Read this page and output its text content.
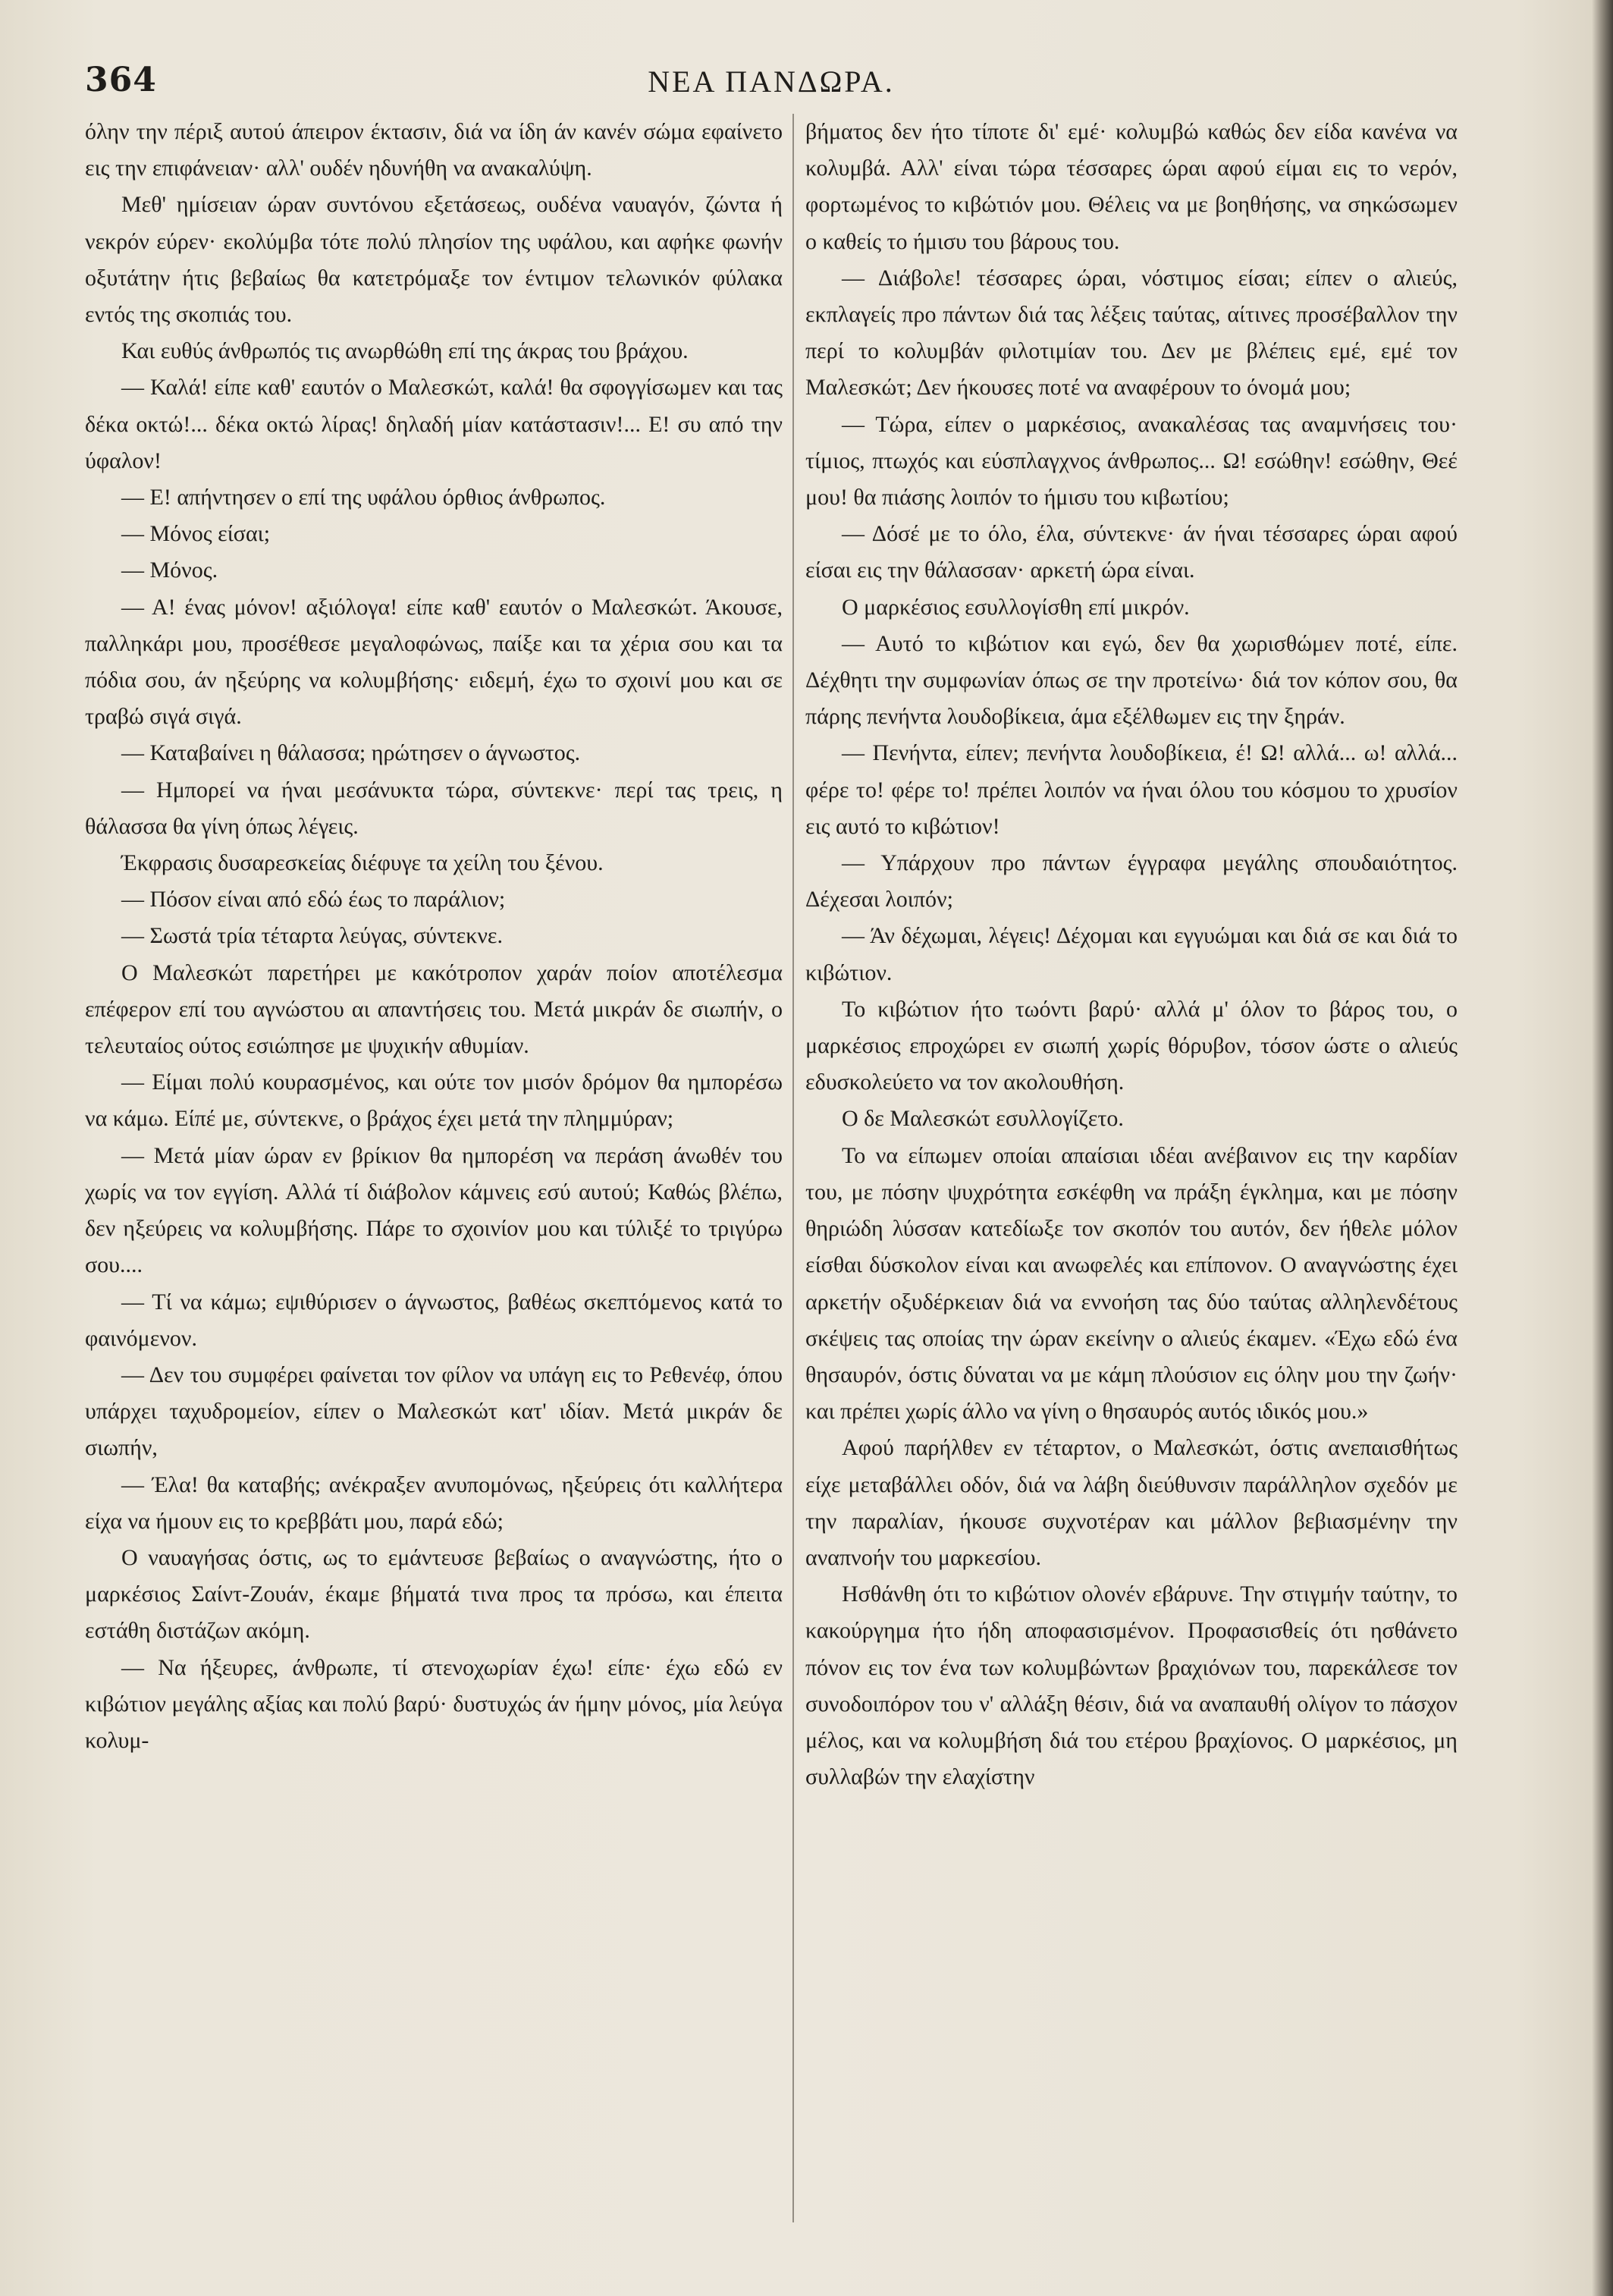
364	ΝΕΑ ΠΑΝΔΩΡΑ.

όλην την πέριξ αυτού άπειρον έκτασιν, διά να ίδη άν κανέν σώμα εφαίνετο εις την επιφάνειαν· αλλ' ουδέν ηδυνήθη να ανακαλύψη.

Μεθ' ημίσειαν ώραν συντόνου εξετάσεως, ουδένα ναυαγόν, ζώντα ή νεκρόν εύρεν· εκολύμβα τότε πολύ πλησίον της υφάλου, και αφήκε φωνήν οξυτάτην ήτις βεβαίως θα κατετρόμαξε τον έντιμον τελωνικόν φύλακα εντός της σκοπιάς του.

Και ευθύς άνθρωπός τις ανωρθώθη επί της άκρας του βράχου.

— Καλά! είπε καθ' εαυτόν ο Μαλεσκώτ, καλά! θα σφογγίσωμεν και τας δέκα οκτώ!... δέκα οκτώ λίρας! δηλαδή μίαν κατάστασιν!... Ε! συ από την ύφαλον!

— Ε! απήντησεν ο επί της υφάλου όρθιος άνθρωπος.

— Μόνος είσαι;

— Μόνος.

— Α! ένας μόνον! αξιόλογα! είπε καθ' εαυτόν ο Μαλεσκώτ. Άκουσε, παλληκάρι μου, προσέθεσε μεγαλοφώνως, παίξε και τα χέρια σου και τα πόδια σου, άν ηξεύρης να κολυμβήσης· ειδεμή, έχω το σχοινί μου και σε τραβώ σιγά σιγά.

— Καταβαίνει η θάλασσα; ηρώτησεν ο άγνωστος.

— Ημπορεί να ήναι μεσάνυκτα τώρα, σύντεκνε· περί τας τρεις, η θάλασσα θα γίνη όπως λέγεις.

Έκφρασις δυσαρεσκείας διέφυγε τα χείλη του ξένου.

— Πόσον είναι από εδώ έως το παράλιον;

— Σωστά τρία τέταρτα λεύγας, σύντεκνε.

Ο Μαλεσκώτ παρετήρει με κακότροπον χαράν ποίον αποτέλεσμα επέφερον επί του αγνώστου αι απαντήσεις του. Μετά μικράν δε σιωπήν, ο τελευταίος ούτος εσιώπησε με ψυχικήν αθυμίαν.

— Είμαι πολύ κουρασμένος, και ούτε τον μισόν δρόμον θα ημπορέσω να κάμω. Είπέ με, σύντεκνε, ο βράχος έχει μετά την πλημμύραν;

— Μετά μίαν ώραν εν βρίκιον θα ημπορέση να περάση άνωθέν του χωρίς να τον εγγίση. Αλλά τί διάβολον κάμνεις εσύ αυτού; Καθώς βλέπω, δεν ηξεύρεις να κολυμβήσης. Πάρε το σχοινίον μου και τύλιξέ το τριγύρω σου....

— Τί να κάμω; εψιθύρισεν ο άγνωστος, βαθέως σκεπτόμενος κατά το φαινόμενον.

— Δεν του συμφέρει φαίνεται τον φίλον να υπάγη εις το Ρεθενέφ, όπου υπάρχει ταχυδρομείον, είπεν ο Μαλεσκώτ κατ' ιδίαν. Μετά μικράν δε σιωπήν,

— Έλα! θα καταβής; ανέκραξεν ανυπομόνως, ηξεύρεις ότι καλλήτερα είχα να ήμουν εις το κρεββάτι μου, παρά εδώ;

Ο ναυαγήσας όστις, ως το εμάντευσε βεβαίως ο αναγνώστης, ήτο ο μαρκέσιος Σαίντ-Ζουάν, έκαμε βήματά τινα προς τα πρόσω, και έπειτα εστάθη διστάζων ακόμη.

— Να ήξευρες, άνθρωπε, τί στενοχωρίαν έχω! είπε· έχω εδώ εν κιβώτιον μεγάλης αξίας και πολύ βαρύ· δυστυχώς άν ήμην μόνος, μία λεύγα κολυμ-

βήματος δεν ήτο τίποτε δι' εμέ· κολυμβώ καθώς δεν είδα κανένα να κολυμβά. Αλλ' είναι τώρα τέσσαρες ώραι αφού είμαι εις το νερόν, φορτωμένος το κιβώτιόν μου. Θέλεις να με βοηθήσης, να σηκώσωμεν ο καθείς το ήμισυ του βάρους του.

— Διάβολε! τέσσαρες ώραι, νόστιμος είσαι; είπεν ο αλιεύς, εκπλαγείς προ πάντων διά τας λέξεις ταύτας, αίτινες προσέβαλλον την περί το κολυμβάν φιλοτιμίαν του. Δεν με βλέπεις εμέ, εμέ τον Μαλεσκώτ; Δεν ήκουσες ποτέ να αναφέρουν το όνομά μου;

— Τώρα, είπεν ο μαρκέσιος, ανακαλέσας τας αναμνήσεις του· τίμιος, πτωχός και εύσπλαγχνος άνθρωπος... Ω! εσώθην! εσώθην, Θεέ μου! θα πιάσης λοιπόν το ήμισυ του κιβωτίου;

— Δόσέ με το όλο, έλα, σύντεκνε· άν ήναι τέσσαρες ώραι αφού είσαι εις την θάλασσαν· αρκετή ώρα είναι.

Ο μαρκέσιος εσυλλογίσθη επί μικρόν.

— Αυτό το κιβώτιον και εγώ, δεν θα χωρισθώμεν ποτέ, είπε. Δέχθητι την συμφωνίαν όπως σε την προτείνω· διά τον κόπον σου, θα πάρης πενήντα λουδοβίκεια, άμα εξέλθωμεν εις την ξηράν.

— Πενήντα, είπεν; πενήντα λουδοβίκεια, έ! Ω! αλλά... ω! αλλά... φέρε το! φέρε το! πρέπει λοιπόν να ήναι όλου του κόσμου το χρυσίον εις αυτό το κιβώτιον!

— Υπάρχουν προ πάντων έγγραφα μεγάλης σπουδαιότητος. Δέχεσαι λοιπόν;

— Άν δέχωμαι, λέγεις! Δέχομαι και εγγυώμαι και διά σε και διά το κιβώτιον.

Το κιβώτιον ήτο τωόντι βαρύ· αλλά μ' όλον το βάρος του, ο μαρκέσιος επροχώρει εν σιωπή χωρίς θόρυβον, τόσον ώστε ο αλιεύς εδυσκολεύετο να τον ακολουθήση.

Ο δε Μαλεσκώτ εσυλλογίζετο.

Το να είπωμεν οποίαι απαίσιαι ιδέαι ανέβαινον εις την καρδίαν του, με πόσην ψυχρότητα εσκέφθη να πράξη έγκλημα, και με πόσην θηριώδη λύσσαν κατεδίωξε τον σκοπόν του αυτόν, δεν ήθελε μόλον είσθαι δύσκολον είναι και ανωφελές και επίπονον. Ο αναγνώστης έχει αρκετήν οξυδέρκειαν διά να εννοήση τας δύο ταύτας αλληλενδέτους σκέψεις τας οποίας την ώραν εκείνην ο αλιεύς έκαμεν. «Έχω εδώ ένα θησαυρόν, όστις δύναται να με κάμη πλούσιον εις όλην μου την ζωήν· και πρέπει χωρίς άλλο να γίνη ο θησαυρός αυτός ιδικός μου.»

Αφού παρήλθεν εν τέταρτον, ο Μαλεσκώτ, όστις ανεπαισθήτως είχε μεταβάλλει οδόν, διά να λάβη διεύθυνσιν παράλληλον σχεδόν με την παραλίαν, ήκουσε συχνοτέραν και μάλλον βεβιασμένην την αναπνοήν του μαρκεσίου.

Ησθάνθη ότι το κιβώτιον ολονέν εβάρυνε. Την στιγμήν ταύτην, το κακούργημα ήτο ήδη αποφασισμένον. Προφασισθείς ότι ησθάνετο πόνον εις τον ένα των κολυμβώντων βραχιόνων του, παρεκάλεσε τον συνοδοιπόρον του ν' αλλάξη θέσιν, διά να αναπαυθή ολίγον το πάσχον μέλος, και να κολυμβήση διά του ετέρου βραχίονος. Ο μαρκέσιος, μη συλλαβών την ελαχίστην
